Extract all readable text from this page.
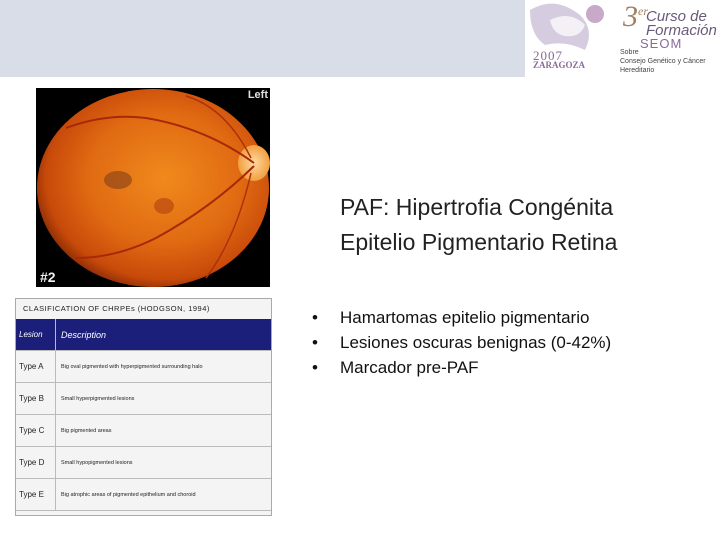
2007
ZARAGOZA
3er
Curso de
Formación
SEOM
Sobre
Consejo Genético y Cáncer
Hereditario
Left
#2
PAF: Hipertrofia Congénita
Epitelio Pigmentario Retina
• Hamartomas epitelio pigmentario
• Lesiones oscuras benignas (0-42%)
• Marcador pre-PAF
CLASIFICATION OF CHRPEs (HODGSON, 1994)
Lesion	Description
Type A	Big oval pigmented with hyperpigmented surrounding halo
Type B	Small hyperpigmented lesions
Type C	Big pigmented areas
Type D	Small hypopigmented lesions
Type E	Big atrophic areas of pigmented epithelium and choroid
